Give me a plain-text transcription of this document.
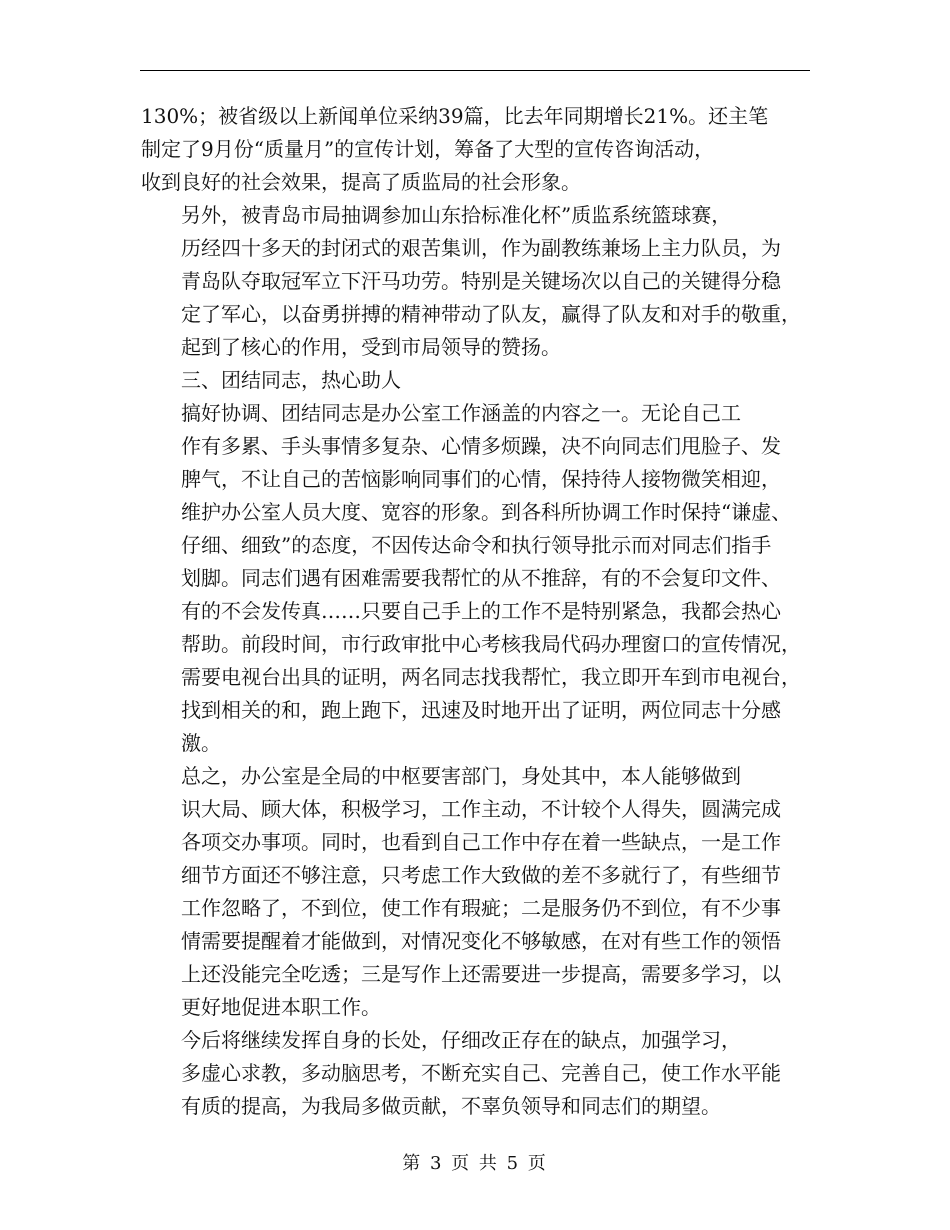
130%；被省级以上新闻单位采纳39篇，比去年同期增长21%。还主笔
制定了9月份“质量月”的宣传计划，筹备了大型的宣传咨询活动，
收到良好的社会效果，提高了质监局的社会形象。
另外，被青岛市局抽调参加山东拾标准化杯”质监系统篮球赛，
历经四十多天的封闭式的艰苦集训，作为副教练兼场上主力队员，为
青岛队夺取冠军立下汗马功劳。特别是关键场次以自己的关键得分稳
定了军心，以奋勇拼搏的精神带动了队友，赢得了队友和对手的敬重，
起到了核心的作用，受到市局领导的赞扬。
三、团结同志，热心助人
搞好协调、团结同志是办公室工作涵盖的内容之一。无论自己工
作有多累、手头事情多复杂、心情多烦躁，决不向同志们甩脸子、发
脾气，不让自己的苦恼影响同事们的心情，保持待人接物微笑相迎，
维护办公室人员大度、宽容的形象。到各科所协调工作时保持“谦虚、
仔细、细致”的态度，不因传达命令和执行领导批示而对同志们指手
划脚。同志们遇有困难需要我帮忙的从不推辞，有的不会复印文件、
有的不会发传真……只要自己手上的工作不是特别紧急，我都会热心
帮助。前段时间，市行政审批中心考核我局代码办理窗口的宣传情况，
需要电视台出具的证明，两名同志找我帮忙，我立即开车到市电视台，
找到相关的和，跑上跑下，迅速及时地开出了证明，两位同志十分感
激。
总之，办公室是全局的中枢要害部门，身处其中，本人能够做到
识大局、顾大体，积极学习，工作主动，不计较个人得失，圆满完成
各项交办事项。同时，也看到自己工作中存在着一些缺点，一是工作
细节方面还不够注意，只考虑工作大致做的差不多就行了，有些细节
工作忽略了，不到位，使工作有瑕疵；二是服务仍不到位，有不少事
情需要提醒着才能做到，对情况变化不够敏感，在对有些工作的领悟
上还没能完全吃透；三是写作上还需要进一步提高，需要多学习，以
更好地促进本职工作。
今后将继续发挥自身的长处，仔细改正存在的缺点，加强学习，
多虚心求教，多动脑思考，不断充实自己、完善自己，使工作水平能
有质的提高，为我局多做贡献，不辜负领导和同志们的期望。
第 3 页 共 5 页
